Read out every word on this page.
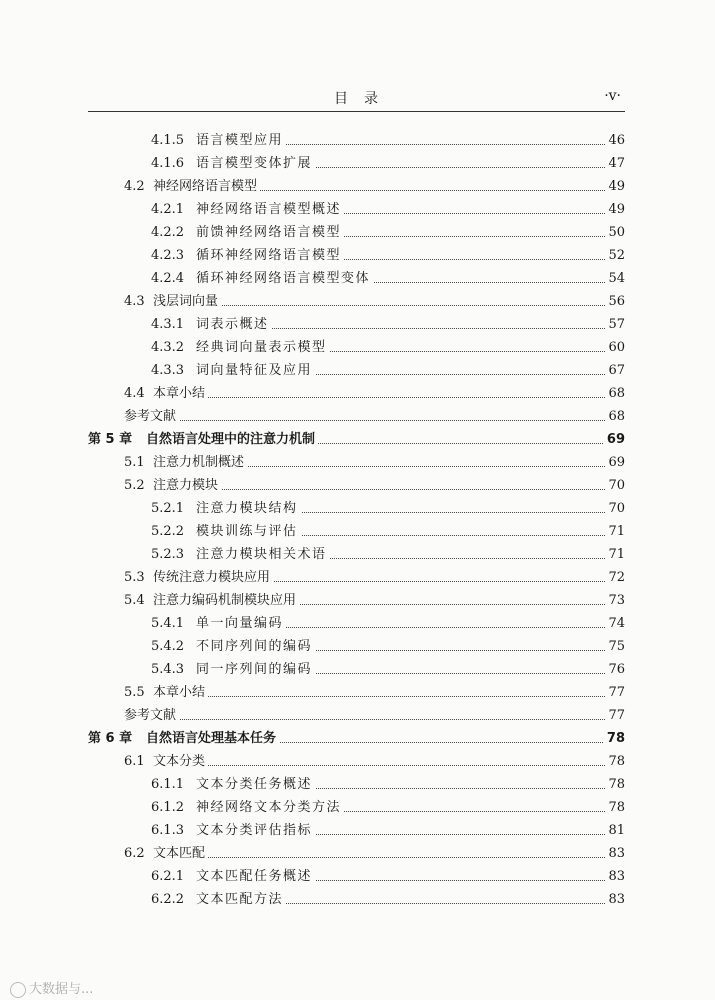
目　录	·v·
4.1.5 语言模型应用	46
4.1.6 语言模型变体扩展	47
4.2 神经网络语言模型	49
4.2.1 神经网络语言模型概述	49
4.2.2 前馈神经网络语言模型	50
4.2.3 循环神经网络语言模型	52
4.2.4 循环神经网络语言模型变体	54
4.3 浅层词向量	56
4.3.1 词表示概述	57
4.3.2 经典词向量表示模型	60
4.3.3 词向量特征及应用	67
4.4 本章小结	68
参考文献	68
第 5 章 自然语言处理中的注意力机制	69
5.1 注意力机制概述	69
5.2 注意力模块	70
5.2.1 注意力模块结构	70
5.2.2 模块训练与评估	71
5.2.3 注意力模块相关术语	71
5.3 传统注意力模块应用	72
5.4 注意力编码机制模块应用	73
5.4.1 单一向量编码	74
5.4.2 不同序列间的编码	75
5.4.3 同一序列间的编码	76
5.5 本章小结	77
参考文献	77
第 6 章 自然语言处理基本任务	78
6.1 文本分类	78
6.1.1 文本分类任务概述	78
6.1.2 神经网络文本分类方法	78
6.1.3 文本分类评估指标	81
6.2 文本匹配	83
6.2.1 文本匹配任务概述	83
6.2.2 文本匹配方法	83
大数据与...
